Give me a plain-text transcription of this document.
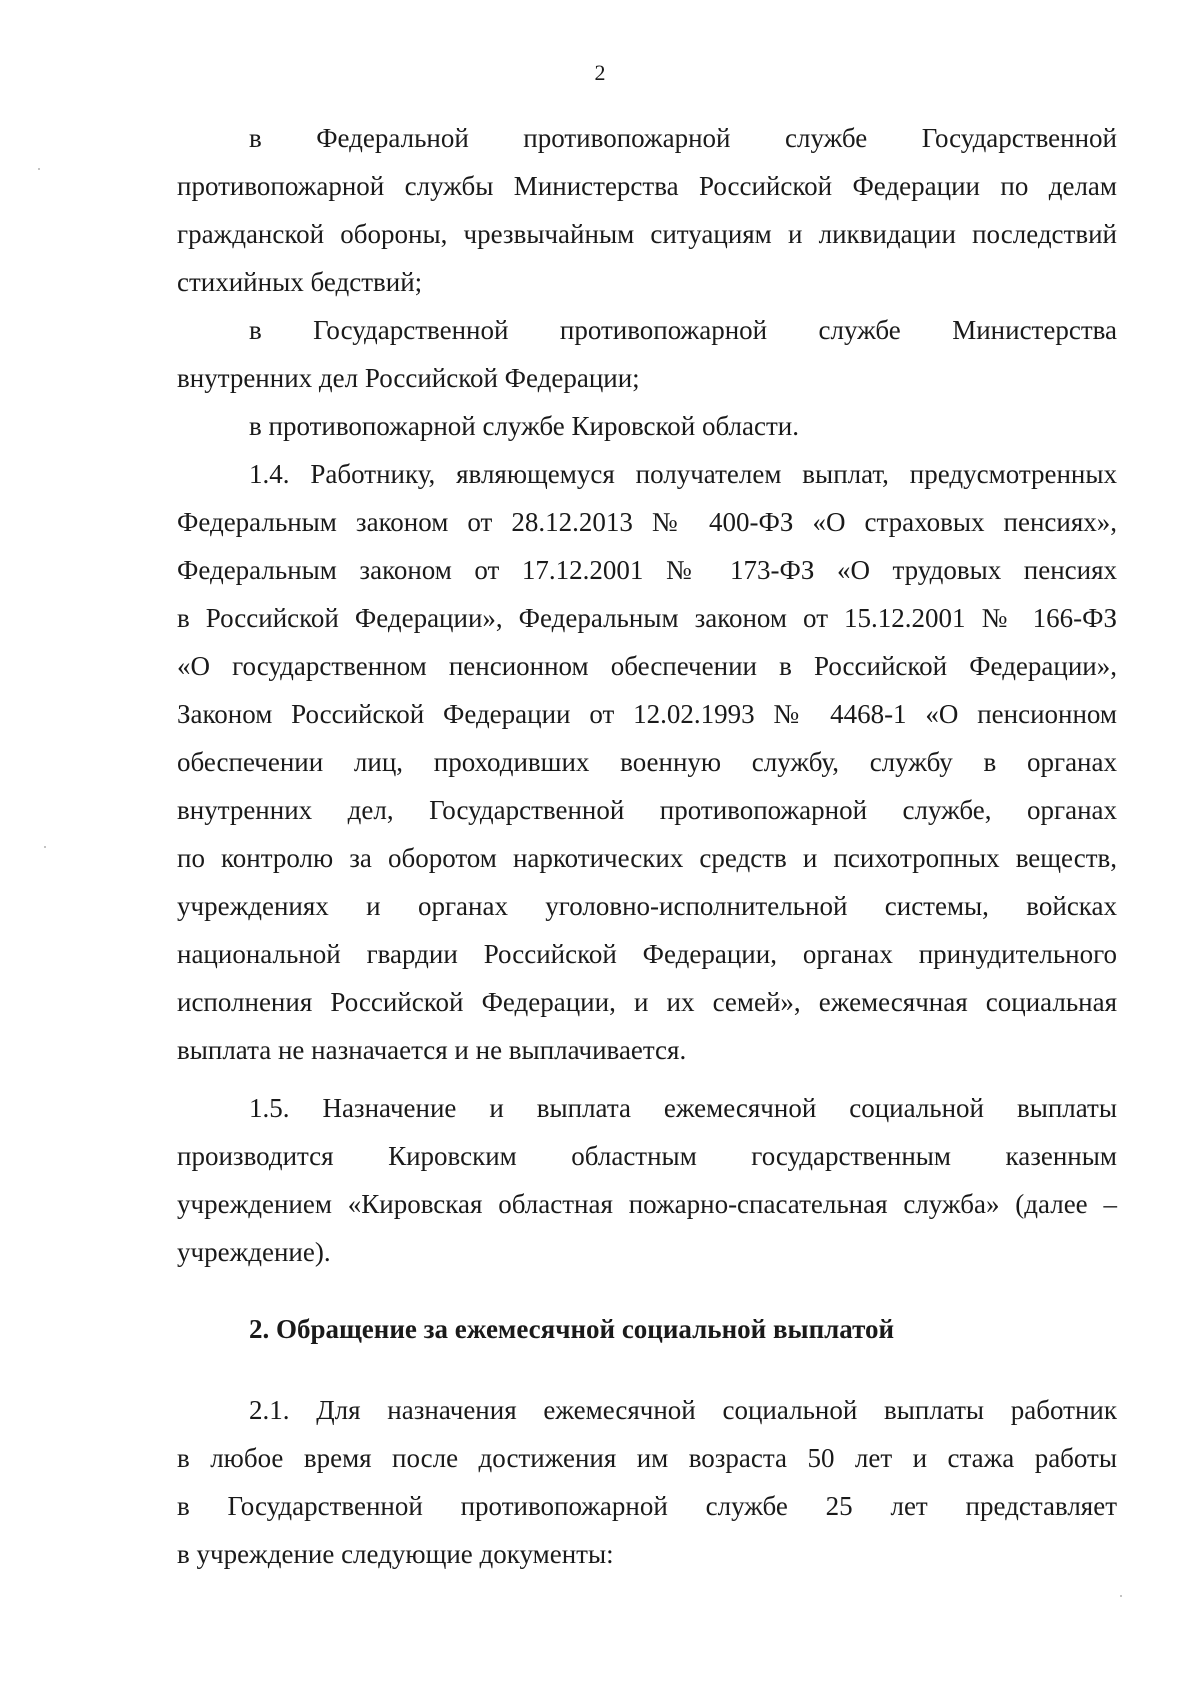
2
в Федеральной противопожарной службе Государственной
противопожарной службы Министерства Российской Федерации по делам
гражданской обороны, чрезвычайным ситуациям и ликвидации последствий
стихийных бедствий;
в Государственной противопожарной службе Министерства
внутренних дел Российской Федерации;
в противопожарной службе Кировской области.
1.4. Работнику, являющемуся получателем выплат, предусмотренных
Федеральным законом от 28.12.2013 № 400-ФЗ «О страховых пенсиях»,
Федеральным законом от 17.12.2001 № 173-ФЗ «О трудовых пенсиях
в Российской Федерации», Федеральным законом от 15.12.2001 № 166-ФЗ
«О государственном пенсионном обеспечении в Российской Федерации»,
Законом Российской Федерации от 12.02.1993 № 4468-1 «О пенсионном
обеспечении лиц, проходивших военную службу, службу в органах
внутренних дел, Государственной противопожарной службе, органах
по контролю за оборотом наркотических средств и психотропных веществ,
учреждениях и органах уголовно-исполнительной системы, войсках
национальной гвардии Российской Федерации, органах принудительного
исполнения Российской Федерации, и их семей», ежемесячная социальная
выплата не назначается и не выплачивается.
1.5. Назначение и выплата ежемесячной социальной выплаты
производится Кировским областным государственным казенным
учреждением «Кировская областная пожарно-спасательная служба» (далее –
учреждение).
2. Обращение за ежемесячной социальной выплатой
2.1. Для назначения ежемесячной социальной выплаты работник
в любое время после достижения им возраста 50 лет и стажа работы
в Государственной противопожарной службе 25 лет представляет
в учреждение следующие документы:
